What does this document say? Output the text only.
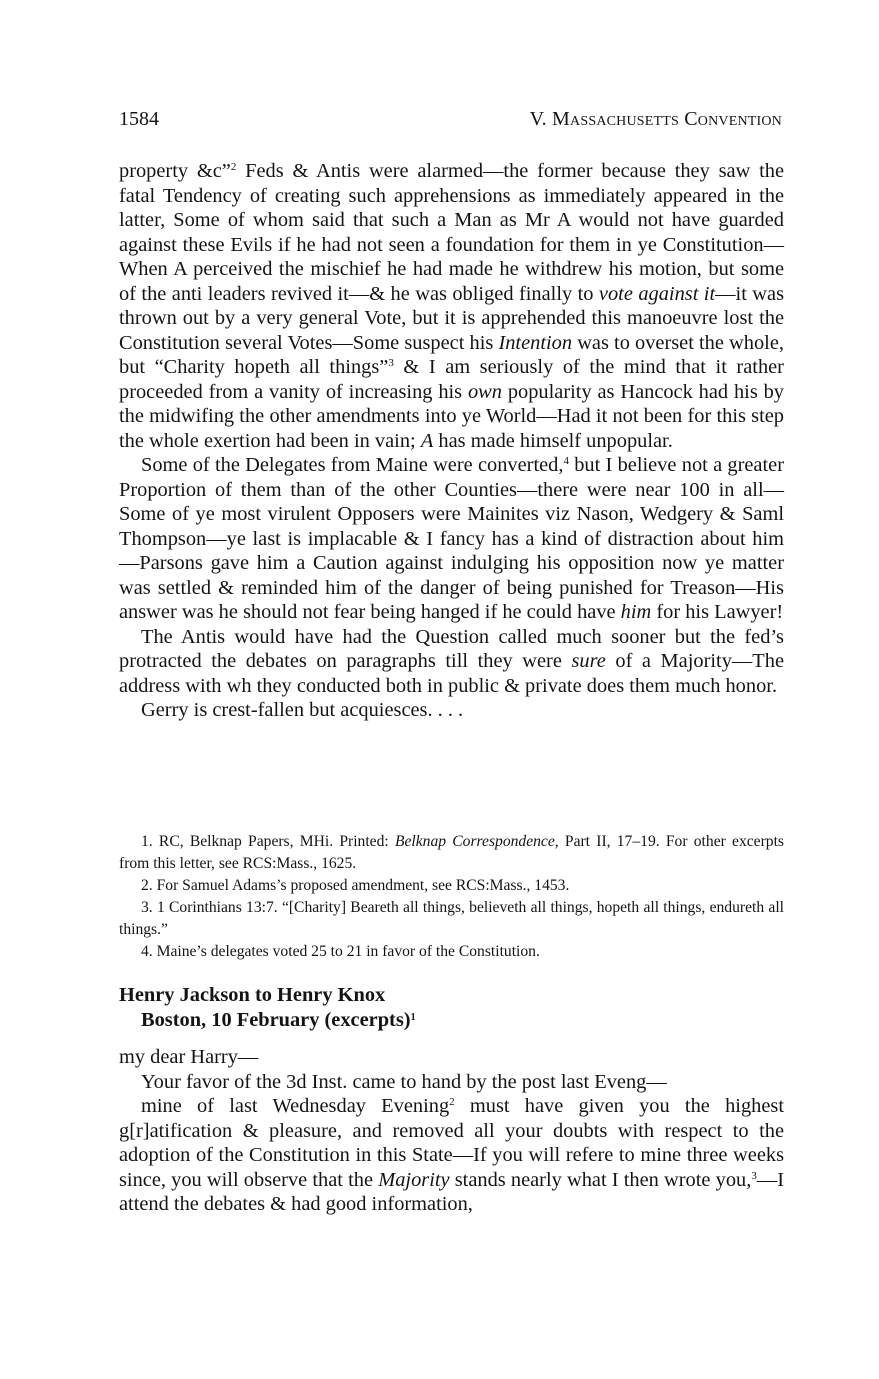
1584	V. Massachusetts Convention

property &c”$^2$ Feds & Antis were alarmed—the former because they saw the fatal Tendency of creating such apprehensions as immediately appeared in the latter, Some of whom said that such a Man as Mr A would not have guarded against these Evils if he had not seen a foundation for them in ye Constitution—When A perceived the mischief he had made he withdrew his motion, but some of the anti leaders revived it—& he was obliged finally to vote against it—it was thrown out by a very general Vote, but it is apprehended this manoeuvre lost the Constitution several Votes—Some suspect his Intention was to overset the whole, but “Charity hopeth all things”$^3$ & I am seriously of the mind that it rather proceeded from a vanity of increasing his own popularity as Hancock had his by the midwifing the other amendments into ye World—Had it not been for this step the whole exertion had been in vain; A has made himself unpopular.

Some of the Delegates from Maine were converted,$^4$ but I believe not a greater Proportion of them than of the other Counties—there were near 100 in all—Some of ye most virulent Opposers were Mainites viz Nason, Wedgery & Saml Thompson—ye last is implacable & I fancy has a kind of distraction about him—Parsons gave him a Caution against indulging his opposition now ye matter was settled & reminded him of the danger of being punished for Treason—His answer was he should not fear being hanged if he could have him for his Lawyer!

The Antis would have had the Question called much sooner but the fed’s protracted the debates on paragraphs till they were sure of a Majority—The address with wh they conducted both in public & private does them much honor.

Gerry is crest-fallen but acquiesces. . . .

1. RC, Belknap Papers, MHi. Printed: Belknap Correspondence, Part II, 17–19. For other excerpts from this letter, see RCS:Mass., 1625.

2. For Samuel Adams’s proposed amendment, see RCS:Mass., 1453.

3. 1 Corinthians 13:7. “[Charity] Beareth all things, believeth all things, hopeth all things, endureth all things.”

4. Maine’s delegates voted 25 to 21 in favor of the Constitution.

Henry Jackson to Henry Knox
Boston, 10 February (excerpts)$^1$

my dear Harry—

Your favor of the 3d Inst. came to hand by the post last Eveng—

mine of last Wednesday Evening$^2$ must have given you the highest g[r]atification & pleasure, and removed all your doubts with respect to the adoption of the Constitution in this State—If you will refere to mine three weeks since, you will observe that the Majority stands nearly what I then wrote you,$^3$—I attend the debates & had good information,
